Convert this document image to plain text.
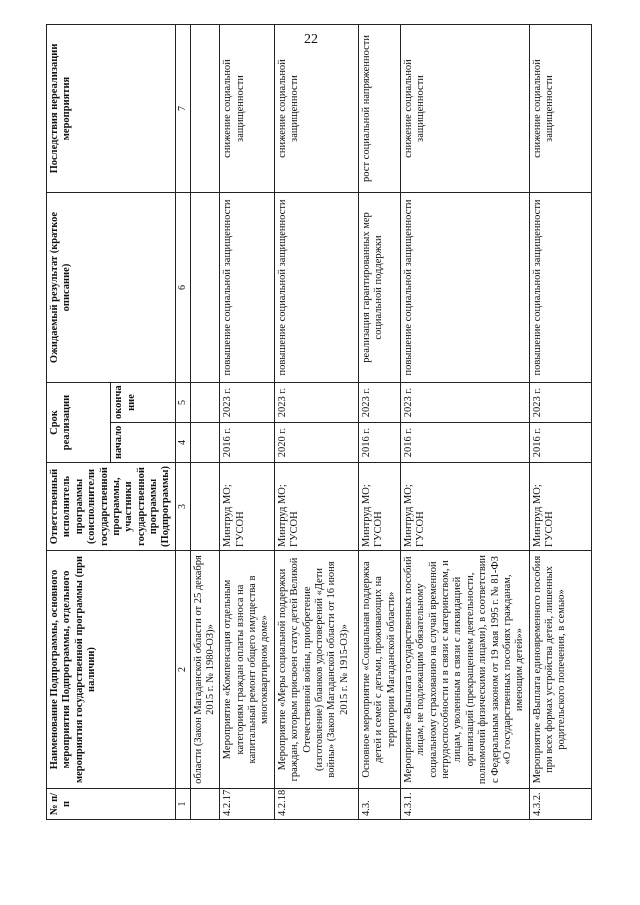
22
№ п/п	Наименование Подпрограммы, основного мероприятия Подпрограммы, отдельного мероприятия государственной программы (при наличии)	Ответственный исполнитель программы (соисполнители государственной программы, участники государственной программы (Подпрограммы)	Срок реализации		Ожидаемый результат (краткое описание)	Последствия нереализации мероприятия
			начало	оконча ние		
1	2	3	4	5	6	7
	области (Закон Магаданской области от 25 декабря 2015 г. № 1980-ОЗ)»					
4.2.17.	Мероприятие «Компенсация отдельным категориям граждан оплаты взноса на капитальный ремонт общего имущества в многоквартирном доме»	Минтруд МО; ГУСОН	2016 г.	2023 г.	повышение социальной защищенности	снижение социальной защищенности
4.2.18.	Мероприятие «Меры социальной поддержки граждан, которым присвоен статус детей Великой Отечественной войны, приобретение (изготовление) бланков удостоверений «Дети войны» (Закон Магаданской области от 16 июня 2015 г. № 1915-ОЗ)»	Минтруд МО; ГУСОН	2020 г.	2023 г.	повышение социальной защищенности	снижение социальной защищенности
4.3.	Основное мероприятие «Социальная поддержка детей и семей с детьми, проживающих на территории Магаданской области»	Минтруд МО; ГУСОН	2016 г.	2023 г.	реализация гарантированных мер социальной поддержки	рост социальной напряженности
4.3.1.	Мероприятие «Выплата государственных пособий лицам, не подлежащим обязательному социальному страхованию на случай временной нетрудоспособности и в связи с материнством, и лицам, уволенным в связи с ликвидацией организаций (прекращением деятельности, полномочий физическими лицами), в соответствии с Федеральным законом от 19 мая 1995 г. № 81-ФЗ «О государственных пособиях гражданам, имеющим детей»»	Минтруд МО; ГУСОН	2016 г.	2023 г.	повышение социальной защищенности	снижение социальной защищенности
4.3.2.	Мероприятие «Выплата единовременного пособия при всех формах устройства детей, лишенных родительского попечения, в семью»	Минтруд МО; ГУСОН	2016 г.	2023 г.	повышение социальной защищенности	снижение социальной защищенности
